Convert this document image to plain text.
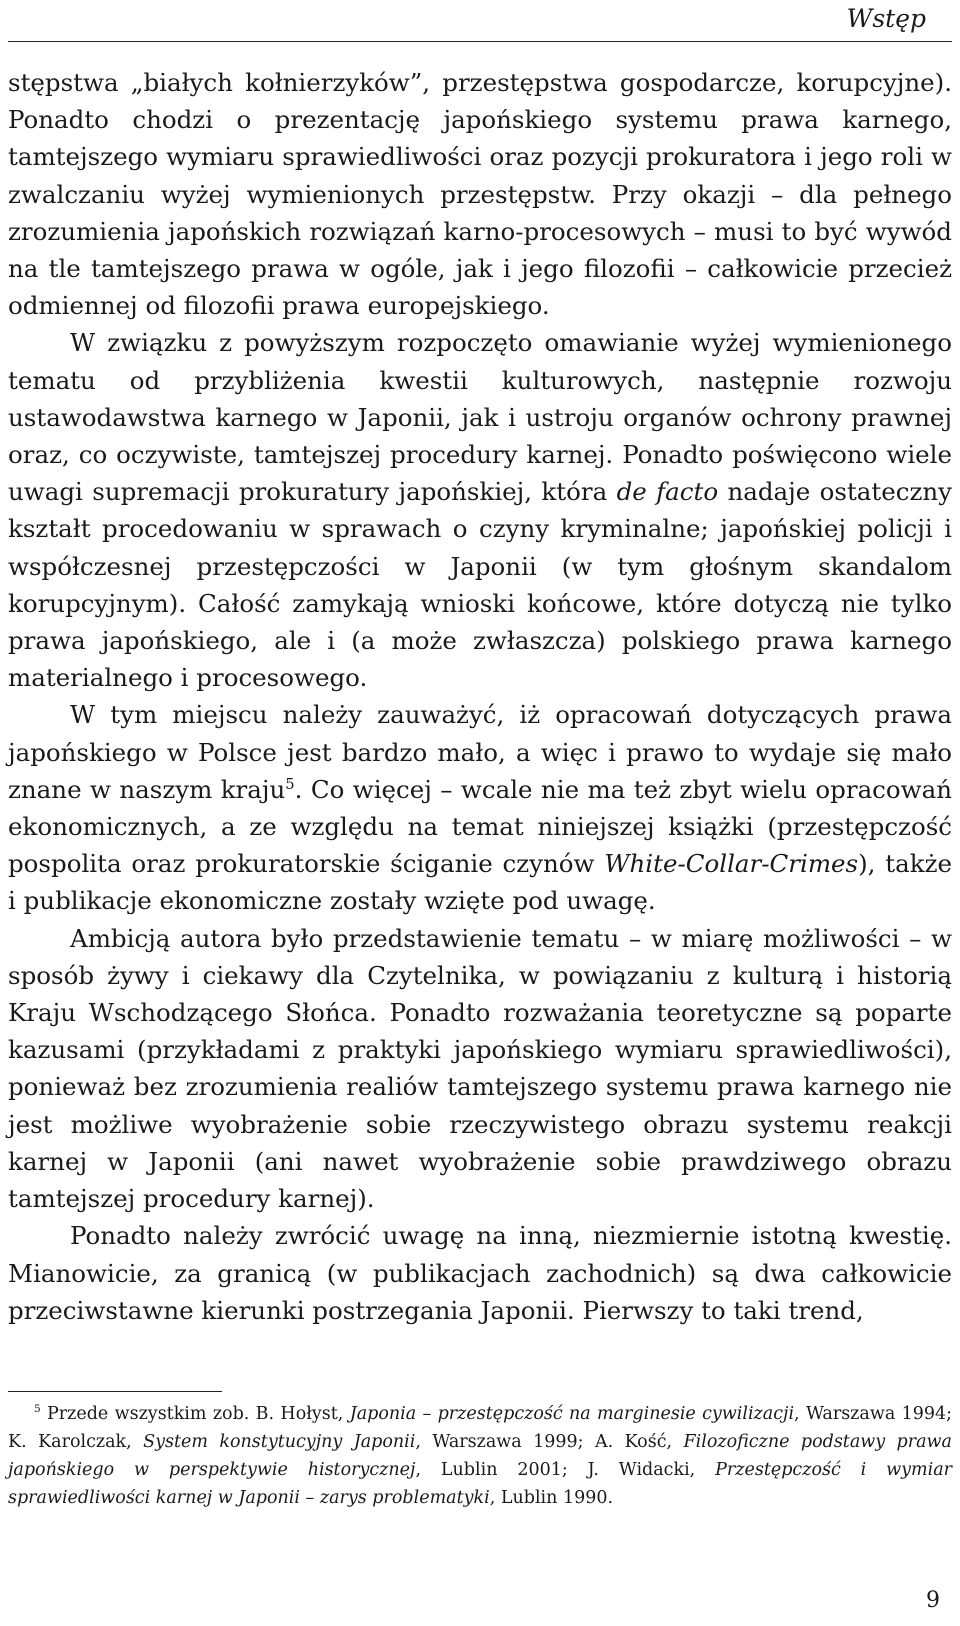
Wstęp

stępstwa „białych kołnierzyków”, przestępstwa gospodarcze, korupcyjne). Ponadto chodzi o prezentację japońskiego systemu prawa karnego, tamtejszego wymiaru sprawiedliwości oraz pozycji prokuratora i jego roli w zwalczaniu wyżej wymienionych przestępstw. Przy okazji – dla pełnego zrozumienia japońskich rozwiązań karno-procesowych – musi to być wywód na tle tamtejszego prawa w ogóle, jak i jego filozofii – całkowicie przecież odmiennej od filozofii prawa europejskiego.

W związku z powyższym rozpoczęto omawianie wyżej wymienionego tematu od przybliżenia kwestii kulturowych, następnie rozwoju ustawodawstwa karnego w Japonii, jak i ustroju organów ochrony prawnej oraz, co oczywiste, tamtejszej procedury karnej. Ponadto poświęcono wiele uwagi supremacji prokuratury japońskiej, która de facto nadaje ostateczny kształt procedowaniu w sprawach o czyny kryminalne; japońskiej policji i współczesnej przestępczości w Japonii (w tym głośnym skandalom korupcyjnym). Całość zamykają wnioski końcowe, które dotyczą nie tylko prawa japońskiego, ale i (a może zwłaszcza) polskiego prawa karnego materialnego i procesowego.

W tym miejscu należy zauważyć, iż opracowań dotyczących prawa japońskiego w Polsce jest bardzo mało, a więc i prawo to wydaje się mało znane w naszym kraju$^5$. Co więcej – wcale nie ma też zbyt wielu opracowań ekonomicznych, a ze względu na temat niniejszej książki (przestępczość pospolita oraz prokuratorskie ściganie czynów White-Collar-Crimes), także i publikacje ekonomiczne zostały wzięte pod uwagę.

Ambicją autora było przedstawienie tematu – w miarę możliwości – w sposób żywy i ciekawy dla Czytelnika, w powiązaniu z kulturą i historią Kraju Wschodzącego Słońca. Ponadto rozważania teoretyczne są poparte kazusami (przykładami z praktyki japońskiego wymiaru sprawiedliwości), ponieważ bez zrozumienia realiów tamtejszego systemu prawa karnego nie jest możliwe wyobrażenie sobie rzeczywistego obrazu systemu reakcji karnej w Japonii (ani nawet wyobrażenie sobie prawdziwego obrazu tamtejszej procedury karnej).

Ponadto należy zwrócić uwagę na inną, niezmiernie istotną kwestię. Mianowicie, za granicą (w publikacjach zachodnich) są dwa całkowicie przeciwstawne kierunki postrzegania Japonii. Pierwszy to taki trend,

$^5$ Przede wszystkim zob. B. Hołyst, Japonia – przestępczość na marginesie cywilizacji, Warszawa 1994; K. Karolczak, System konstytucyjny Japonii, Warszawa 1999; A. Kość, Filozoficzne podstawy prawa japońskiego w perspektywie historycznej, Lublin 2001; J. Widacki, Przestępczość i wymiar sprawiedliwości karnej w Japonii – zarys problematyki, Lublin 1990.
9
